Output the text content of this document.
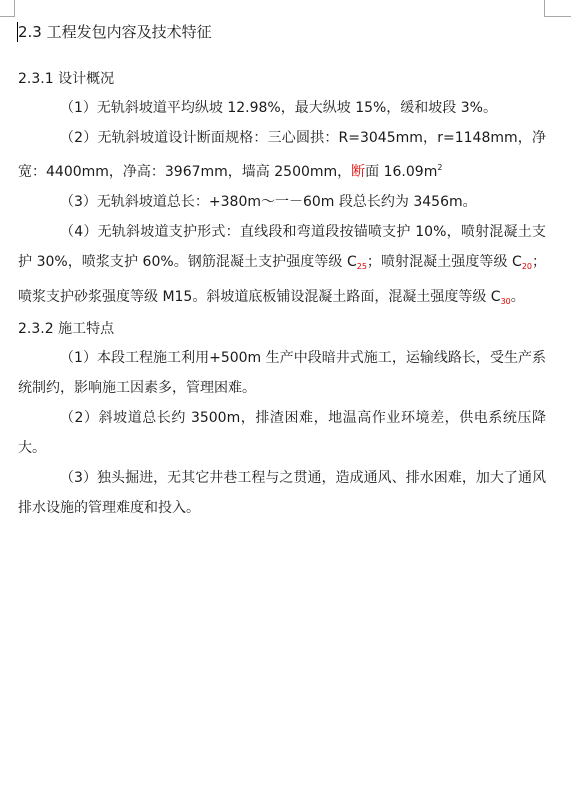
2.3 工程发包内容及技术特征
2.3.1 设计概况

（1）无轨斜坡道平均纵坡 12.98%，最大纵坡 15%，缓和坡段 3%。

（2）无轨斜坡道设计断面规格：三心圆拱：R=3045mm，r=1148mm，净宽：4400mm，净高：3967mm，墙高 2500mm，断面 $16.09m^2$

（3）无轨斜坡道总长：+380m～一－60m 段总长约为 3456m。

（4）无轨斜坡道支护形式：直线段和弯道段按锚喷支护 10%，喷射混凝土支护 30%，喷浆支护 60%。钢筋混凝土支护强度等级 $C_{25}$；喷射混凝土强度等级 $C_{20}$；喷浆支护砂浆强度等级 M15。斜坡道底板铺设混凝土路面，混凝土强度等级 $C_{30}$。

2.3.2 施工特点

（1）本段工程施工利用+500m 生产中段暗井式施工，运输线路长，受生产系统制约，影响施工因素多，管理困难。

（2）斜坡道总长约 3500m，排渣困难，地温高作业环境差，供电系统压降大。

（3）独头掘进，无其它井巷工程与之贯通，造成通风、排水困难，加大了通风排水设施的管理难度和投入。
